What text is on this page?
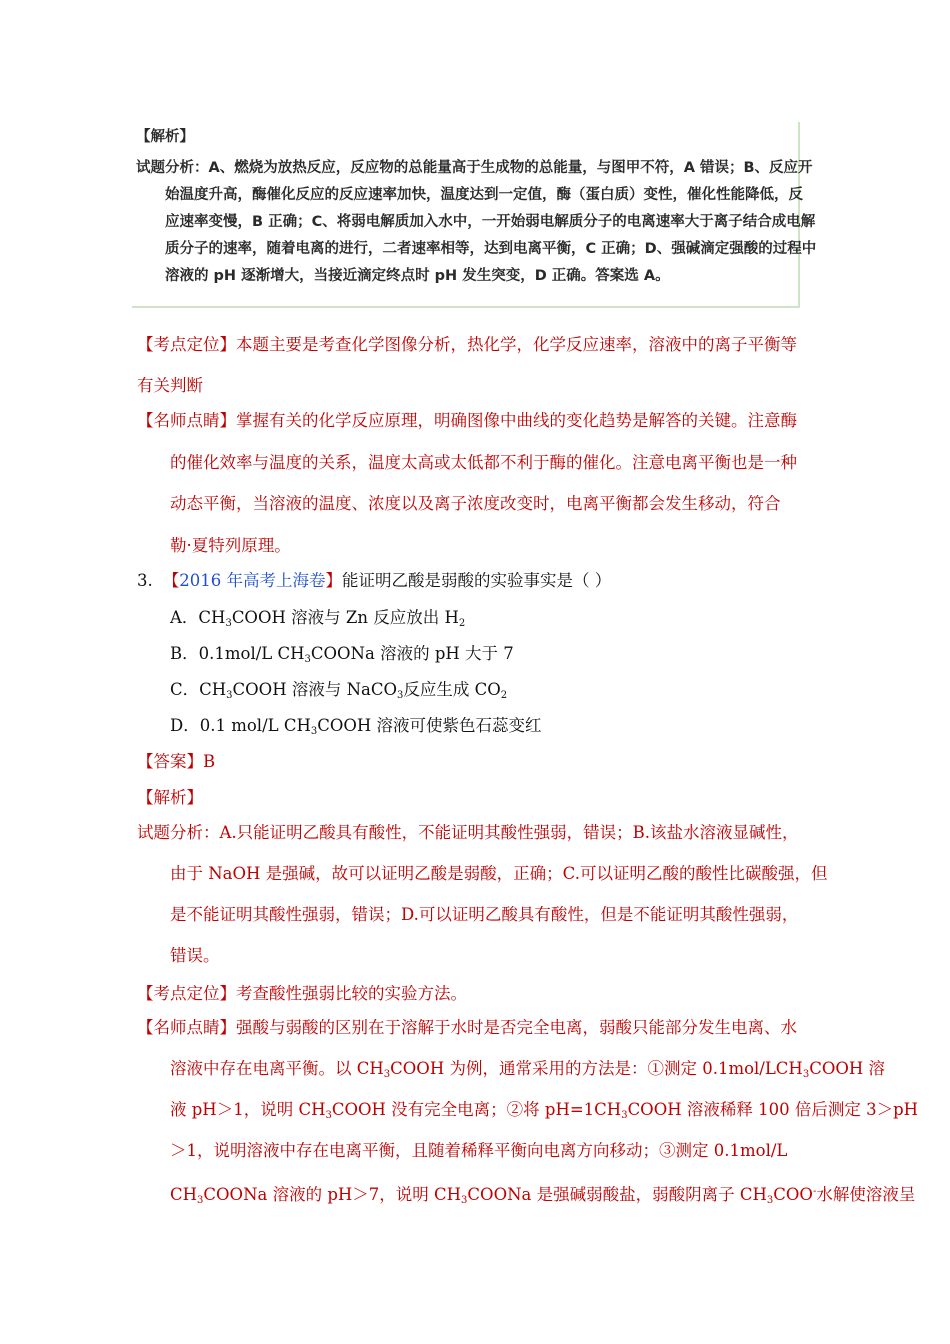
【解析】
试题分析：A、燃烧为放热反应，反应物的总能量高于生成物的总能量，与图甲不符，A 错误；B、反应开
始温度升高，酶催化反应的反应速率加快，温度达到一定值，酶（蛋白质）变性，催化性能降低，反
应速率变慢，B 正确；C、将弱电解质加入水中，一开始弱电解质分子的电离速率大于离子结合成电解
质分子的速率，随着电离的进行，二者速率相等，达到电离平衡，C 正确；D、强碱滴定强酸的过程中
溶液的 pH 逐渐增大，当接近滴定终点时 pH 发生突变，D 正确。答案选 A。
【考点定位】本题主要是考查化学图像分析，热化学，化学反应速率，溶液中的离子平衡等
有关判断
【名师点睛】掌握有关的化学反应原理，明确图像中曲线的变化趋势是解答的关键。注意酶
的催化效率与温度的关系，温度太高或太低都不利于酶的催化。注意电离平衡也是一种
动态平衡，当溶液的温度、浓度以及离子浓度改变时，电离平衡都会发生移动，符合
勒·夏特列原理。
3. 【2016 年高考上海卷】能证明乙酸是弱酸的实验事实是（ ）
A．$CH_3COOH$ 溶液与 Zn 反应放出 $H_2$
B．0.1mol/L $CH_3COONa$ 溶液的 pH 大于 7
C．$CH_3COOH$ 溶液与 NaCO$_3$反应生成 $CO_2$
D．0.1 mol/L $CH_3COOH$ 溶液可使紫色石蕊变红
【答案】B
【解析】
试题分析：A.只能证明乙酸具有酸性，不能证明其酸性强弱，错误；B.该盐水溶液显碱性，
由于 NaOH 是强碱，故可以证明乙酸是弱酸，正确；C.可以证明乙酸的酸性比碳酸强，但
是不能证明其酸性强弱，错误；D.可以证明乙酸具有酸性，但是不能证明其酸性强弱，
错误。
【考点定位】考查酸性强弱比较的实验方法。
【名师点睛】强酸与弱酸的区别在于溶解于水时是否完全电离，弱酸只能部分发生电离、水
溶液中存在电离平衡。以 $CH_3COOH$ 为例，通常采用的方法是：①测定 $0.1mol/LCH_3COOH$ 溶
液 pH＞1，说明 $CH_3COOH$ 没有完全电离；②将 $pH=1CH_3COOH$ 溶液稀释 100 倍后测定 3＞pH
＞1，说明溶液中存在电离平衡，且随着稀释平衡向电离方向移动；③测定 0.1mol/L
$CH_3COONa$ 溶液的 pH＞7，说明 $CH_3COONa$ 是强碱弱酸盐，弱酸阴离子 $CH_3COO^-$水解使溶液呈
